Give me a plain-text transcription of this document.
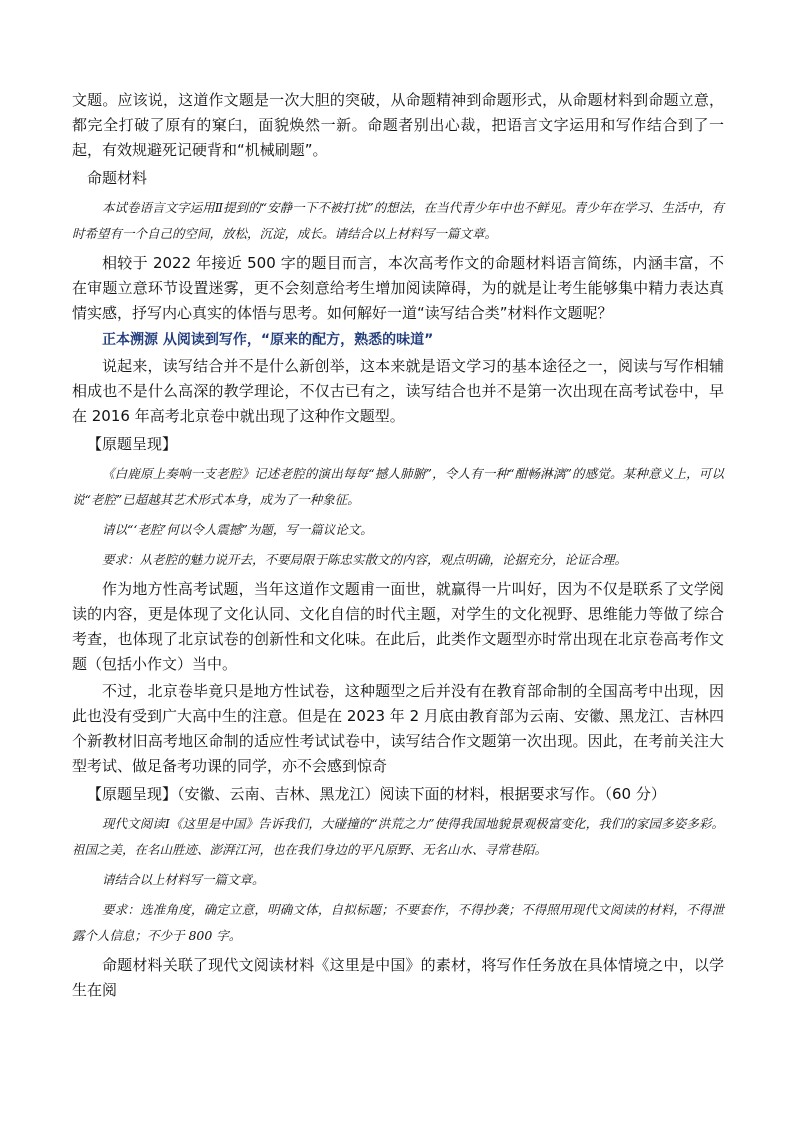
文题。应该说，这道作文题是一次大胆的突破，从命题精神到命题形式，从命题材料到命题立意，都完全打破了原有的窠臼，面貌焕然一新。命题者别出心裁，把语言文字运用和写作结合到了一起，有效规避死记硬背和“机械刷题”。

命题材料

本试卷语言文字运用Ⅱ提到的“安静一下不被打扰”的想法，在当代青少年中也不鲜见。青少年在学习、生活中，有时希望有一个自己的空间，放松，沉淀，成长。请结合以上材料写一篇文章。

相较于 2022 年接近 500 字的题目而言，本次高考作文的命题材料语言简练，内涵丰富，不在审题立意环节设置迷雾，更不会刻意给考生增加阅读障碍，为的就是让考生能够集中精力表达真情实感，抒写内心真实的体悟与思考。如何解好一道“读写结合类”材料作文题呢？

正本溯源 从阅读到写作，“原来的配方，熟悉的味道”

说起来，读写结合并不是什么新创举，这本来就是语文学习的基本途径之一，阅读与写作相辅相成也不是什么高深的教学理论，不仅古已有之，读写结合也并不是第一次出现在高考试卷中，早在 2016 年高考北京卷中就出现了这种作文题型。

【原题呈现】

《白鹿原上奏响一支老腔》记述老腔的演出每每“撼人肺腑”，令人有一种“酣畅淋漓”的感觉。某种意义上，可以说“老腔”已超越其艺术形式本身，成为了一种象征。

请以“‘老腔’何以令人震撼”为题，写一篇议论文。

要求：从老腔的魅力说开去，不要局限于陈忠实散文的内容，观点明确，论据充分，论证合理。

作为地方性高考试题，当年这道作文题甫一面世，就赢得一片叫好，因为不仅是联系了文学阅读的内容，更是体现了文化认同、文化自信的时代主题，对学生的文化视野、思维能力等做了综合考查，也体现了北京试卷的创新性和文化味。在此后，此类作文题型亦时常出现在北京卷高考作文题（包括小作文）当中。

不过，北京卷毕竟只是地方性试卷，这种题型之后并没有在教育部命制的全国高考中出现，因此也没有受到广大高中生的注意。但是在 2023 年 2 月底由教育部为云南、安徽、黑龙江、吉林四个新教材旧高考地区命制的适应性考试试卷中，读写结合作文题第一次出现。因此，在考前关注大型考试、做足备考功课的同学，亦不会感到惊奇

【原题呈现】（安徽、云南、吉林、黑龙江）阅读下面的材料，根据要求写作。（60 分）

现代文阅读Ⅰ《这里是中国》告诉我们，大碰撞的“洪荒之力”使得我国地貌景观极富变化，我们的家园多姿多彩。祖国之美，在名山胜迹、澎湃江河，也在我们身边的平凡原野、无名山水、寻常巷陌。

请结合以上材料写一篇文章。

要求：选准角度，确定立意，明确文体，自拟标题；不要套作，不得抄袭；不得照用现代文阅读的材料，不得泄露个人信息；不少于 800 字。

命题材料关联了现代文阅读材料《这里是中国》的素材，将写作任务放在具体情境之中，以学生在阅
